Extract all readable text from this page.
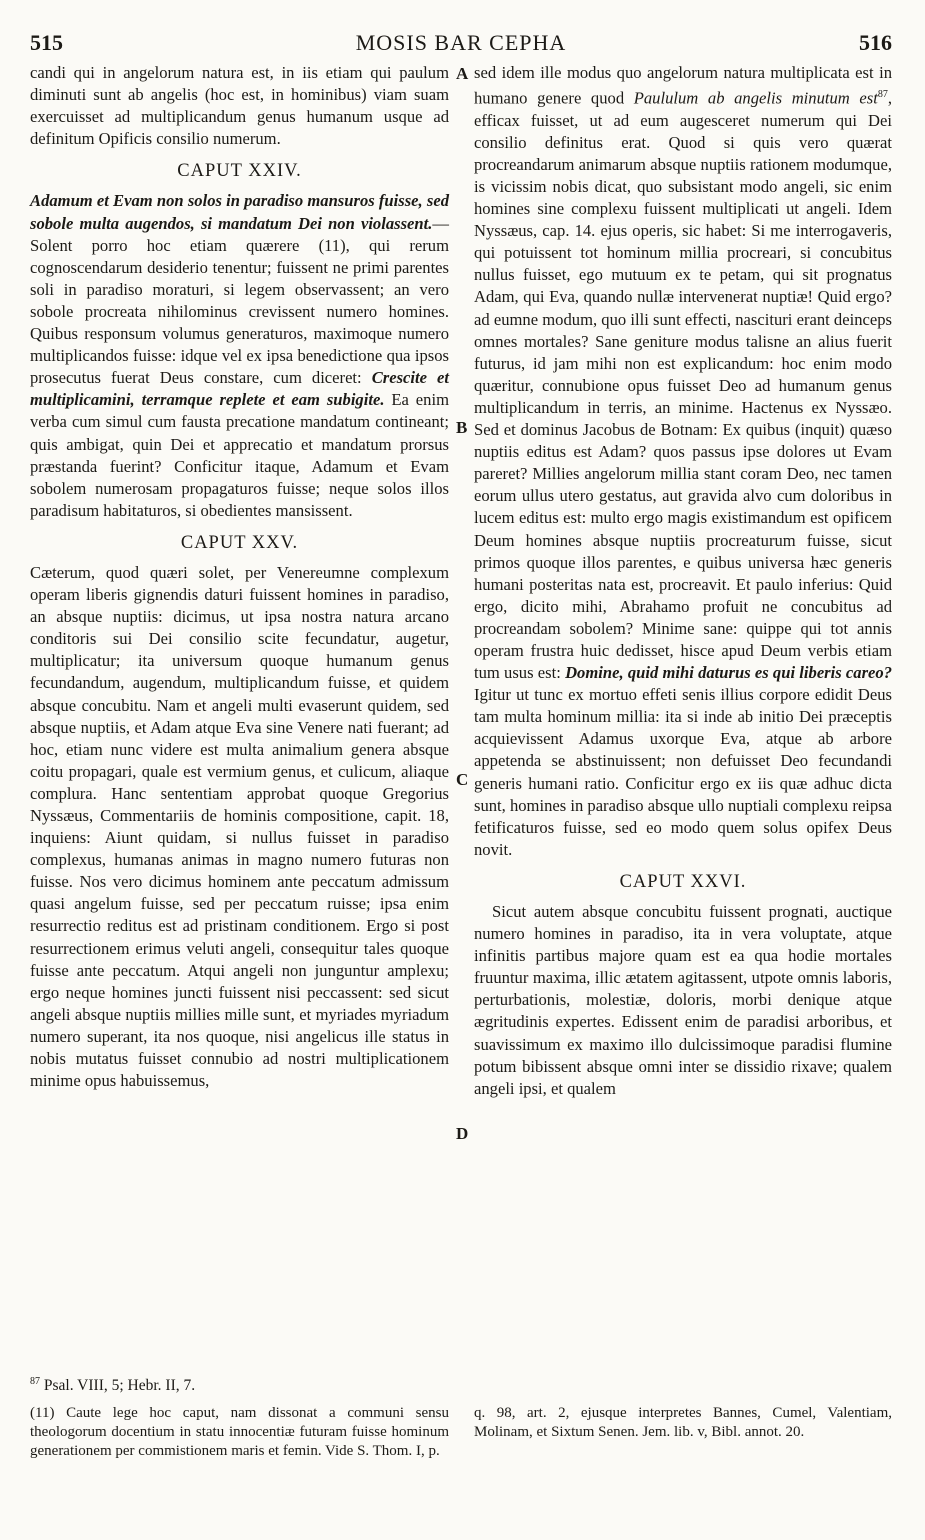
515	MOSIS BAR CEPHA	516
A
B
C
D

candi qui in angelorum natura est, in iis etiam qui paulum diminuti sunt ab angelis (hoc est, in hominibus) viam suam exercuisset ad multiplicandum genus humanum usque ad definitum Opificis consilio numerum.

CAPUT XXIV.

Adamum et Evam non solos in paradiso mansuros fuisse, sed sobole multa augendos, si mandatum Dei non violassent.—Solent porro hoc etiam quærere (11), qui rerum cognoscendarum desiderio tenentur; fuissent ne primi parentes soli in paradiso moraturi, si legem observassent; an vero sobole procreata nihilominus crevissent numero homines. Quibus responsum volumus generaturos, maximoque numero multiplicandos fuisse: idque vel ex ipsa benedictione qua ipsos prosecutus fuerat Deus constare, cum diceret: Crescite et multiplicamini, terramque replete et eam subigite. Ea enim verba cum simul cum fausta precatione mandatum contineant; quis ambigat, quin Dei et apprecatio et mandatum prorsus præstanda fuerint? Conficitur itaque, Adamum et Evam sobolem numerosam propagaturos fuisse; neque solos illos paradisum habitaturos, si obedientes mansissent.

CAPUT XXV.

Cæterum, quod quæri solet, per Venereumne complexum operam liberis gignendis daturi fuissent homines in paradiso, an absque nuptiis: dicimus, ut ipsa nostra natura arcano conditoris sui Dei consilio scite fecundatur, augetur, multiplicatur; ita universum quoque humanum genus fecundandum, augendum, multiplicandum fuisse, et quidem absque concubitu. Nam et angeli multi evaserunt quidem, sed absque nuptiis, et Adam atque Eva sine Venere nati fuerant; ad hoc, etiam nunc videre est multa animalium genera absque coitu propagari, quale est vermium genus, et culicum, aliaque complura. Hanc sententiam approbat quoque Gregorius Nyssæus, Commentariis de hominis compositione, capit. 18, inquiens: Aiunt quidam, si nullus fuisset in paradiso complexus, humanas animas in magno numero futuras non fuisse. Nos vero dicimus hominem ante peccatum admissum quasi angelum fuisse, sed per peccatum ruisse; ipsa enim resurrectio reditus est ad pristinam conditionem. Ergo si post resurrectionem erimus veluti angeli, consequitur tales quoque fuisse ante peccatum. Atqui angeli non junguntur amplexu; ergo neque homines juncti fuissent nisi peccassent: sed sicut angeli absque nuptiis millies mille sunt, et myriades myriadum numero superant, ita nos quoque, nisi angelicus ille status in nobis mutatus fuisset connubio ad nostri multiplicationem minime opus habuissemus,

sed idem ille modus quo angelorum natura multiplicata est in humano genere quod Paululum ab angelis minutum est$^{87}$, efficax fuisset, ut ad eum augesceret numerum qui Dei consilio definitus erat. Quod si quis vero quærat procreandarum animarum absque nuptiis rationem modumque, is vicissim nobis dicat, quo subsistant modo angeli, sic enim homines sine complexu fuissent multiplicati ut angeli. Idem Nyssæus, cap. 14. ejus operis, sic habet: Si me interrogaveris, qui potuissent tot hominum millia procreari, si concubitus nullus fuisset, ego mutuum ex te petam, qui sit prognatus Adam, qui Eva, quando nullæ intervenerat nuptiæ! Quid ergo? ad eumne modum, quo illi sunt effecti, nascituri erant deinceps omnes mortales? Sane geniture modus talisne an alius fuerit futurus, id jam mihi non est explicandum: hoc enim modo quæritur, connubione opus fuisset Deo ad humanum genus multiplicandum in terris, an minime. Hactenus ex Nyssæo. Sed et dominus Jacobus de Botnam: Ex quibus (inquit) quæso nuptiis editus est Adam? quos passus ipse dolores ut Evam pareret? Millies angelorum millia stant coram Deo, nec tamen eorum ullus utero gestatus, aut gravida alvo cum doloribus in lucem editus est: multo ergo magis existimandum est opificem Deum homines absque nuptiis procreaturum fuisse, sicut primos quoque illos parentes, e quibus universa hæc generis humani posteritas nata est, procreavit. Et paulo inferius: Quid ergo, dicito mihi, Abrahamo profuit ne concubitus ad procreandam sobolem? Minime sane: quippe qui tot annis operam frustra huic dedisset, hisce apud Deum verbis etiam tum usus est: Domine, quid mihi daturus es qui liberis careo? Igitur ut tunc ex mortuo effeti senis illius corpore edidit Deus tam multa hominum millia: ita si inde ab initio Dei præceptis acquievissent Adamus uxorque Eva, atque ab arbore appetenda se abstinuissent; non defuisset Deo fecundandi generis humani ratio. Conficitur ergo ex iis quæ adhuc dicta sunt, homines in paradiso absque ullo nuptiali complexu reipsa fetificaturos fuisse, sed eo modo quem solus opifex Deus novit.

CAPUT XXVI.

Sicut autem absque concubitu fuissent prognati, auctique numero homines in paradiso, ita in vera voluptate, atque infinitis partibus majore quam est ea qua hodie mortales fruuntur maxima, illic ætatem agitassent, utpote omnis laboris, perturbationis, molestiæ, doloris, morbi denique atque ægritudinis expertes. Edissent enim de paradisi arboribus, et suavissimum ex maximo illo dulcissimoque paradisi flumine potum bibissent absque omni inter se dissidio rixave; qualem angeli ipsi, et qualem

$^{87}$ Psal. VIII, 5; Hebr. II, 7.

(11) Caute lege hoc caput, nam dissonat a communi sensu theologorum docentium in statu innocentiæ futuram fuisse hominum generationem per commistionem maris et femin. Vide S. Thom. I, p.

q. 98, art. 2, ejusque interpretes Bannes, Cumel, Valentiam, Molinam, et Sixtum Senen. Jem. lib. v, Bibl. annot. 20.
